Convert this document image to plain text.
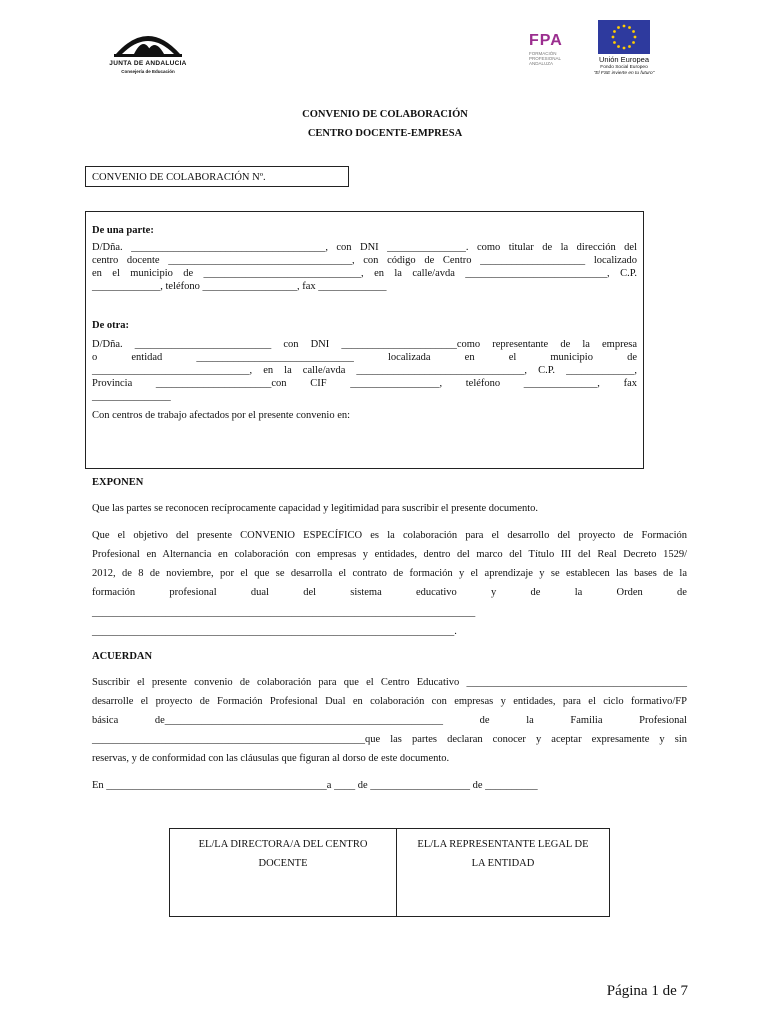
JUNTA DE ANDALUCIA
Consejería de Educación
FPA
FORMACIÓN
PROFESIONAL
ANDALUZA	Unión Europea
Fondo Social Europeo
"El FSE invierte en tu futuro"
CONVENIO DE COLABORACIÓN
CENTRO DOCENTE-EMPRESA
CONVENIO DE COLABORACIÓN Nº.
De una parte:
D/Dña. _____________________________________, con DNI _______________. como titular de la dirección del
centro docente ___________________________________, con código de Centro ____________________ localizado
en el municipio de ______________________________, en la calle/avda ___________________________, C.P.
_____________, teléfono __________________, fax _____________
De otra:
D/Dña. __________________________ con DNI ______________________como representante de la empresa
o    entidad    ______________________________    localizada    en    el    municipio    de
______________________________, en la calle/avda ________________________________, C.P. _____________,
Provincia  ______________________con  CIF  _________________,  teléfono  ______________,  fax
_______________
Con centros de trabajo afectados por el presente convenio en:
EXPONEN
Que las partes se reconocen recíprocamente capacidad y legitimidad para suscribir el presente documento.
Que el objetivo del presente CONVENIO ESPECÍFICO es la colaboración para el desarrollo del proyecto de Formación
Profesional en Alternancia en colaboración con empresas y entidades, dentro del marco del Título III del Real Decreto 1529/
2012, de 8 de noviembre, por el que se desarrolla el contrato de formación y el aprendizaje y se establecen las bases de la
formación	profesional	dual	del	sistema	educativo	y	de	la	Orden	de
_________________________________________________________________________
_____________________________________________________________________.
ACUERDAN
Suscribir el presente convenio de colaboración para que el Centro Educativo __________________________________________
desarrolle el proyecto de Formación Profesional Dual en colaboración con empresas y entidades, para el ciclo formativo/FP
básica	de_____________________________________________________	de	la	Familia	Profesional
____________________________________________________que las partes declaran conocer y aceptar expresamente y sin
reservas, y de conformidad con las cláusulas que figuran al dorso de este documento.
En __________________________________________a ____ de ___________________ de __________
EL/LA DIRECTORA/A DEL CENTRO
DOCENTE
EL/LA REPRESENTANTE LEGAL DE
LA ENTIDAD
Página 1 de 7
